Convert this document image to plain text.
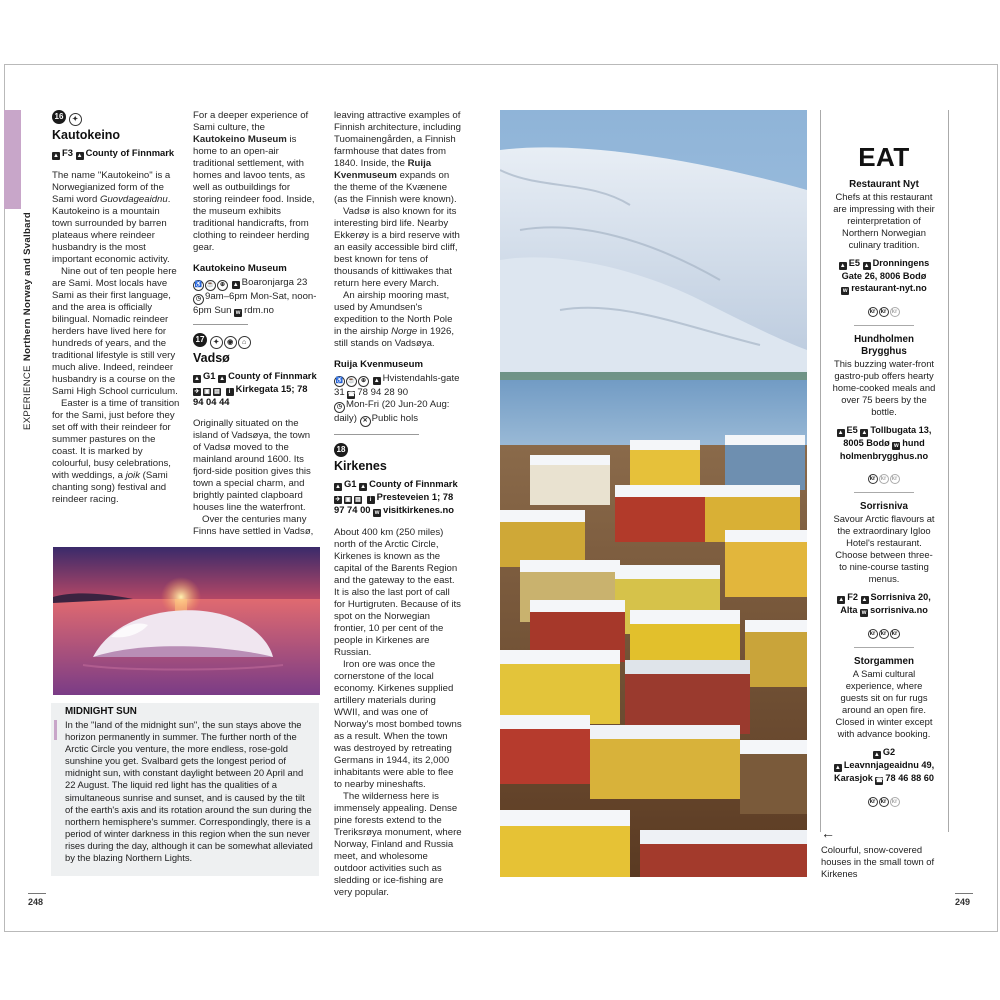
EXPERIENCENorthern Norway and Svalbard
16 ✦
Kautokeino
▲ F3 ▲ County of Finnmark

The name "Kautokeino" is a Norwegianized form of the Sami word Guovdageaidnu. Kautokeino is a mountain town surrounded by barren plateaus where reindeer husbandry is the most important economic activity.

Nine out of ten people here are Sami. Most locals have Sami as their first language, and the area is officially bilingual. Nomadic reindeer herders have lived here for hundreds of years, and the traditional lifestyle is still very much alive. Indeed, reindeer husbandry is a course on the Sami High School curriculum.

Easter is a time of transition for the Sami, just before they set off with their reindeer for summer pastures on the coast. It is marked by colourful, busy celebrations, with weddings, a joik (Sami chanting song) festival and reindeer racing.

For a deeper experience of Sami culture, the Kautokeino Museum is home to an open-air traditional settlement, with homes and lavoo tents, as well as outbuildings for storing reindeer food. Inside, the museum exhibits traditional handicrafts, from clothing to reindeer herding gear.

Kautokeino Museum
♿ ☕ ⊕ ▲ Boaronjarga 23
◷ 9am–6pm Mon-Sat, noon-6pm Sun w rdm.no
17 ✦ ◉ ⌂
Vadsø
▲ G1 ▲ County of Finnmark
✈ ▣ ▤ i Kirkegata 15; 78 94 04 44

Originally situated on the island of Vadsøya, the town of Vadsø moved to the mainland around 1600. Its fjord-side position gives this town a special charm, and brightly painted clapboard houses line the waterfront.

Over the centuries many Finns have settled in Vadsø,

leaving attractive examples of Finnish architecture, including Tuomainengården, a Finnish farmhouse that dates from 1840. Inside, the Ruija Kvenmuseum expands on the theme of the Kvænene (as the Finnish were known).

Vadsø is also known for its interesting bird life. Nearby Ekkerøy is a bird reserve with an easily accessible bird cliff, best known for tens of thousands of kittiwakes that return here every March.

An airship mooring mast, used by Amundsen's expedition to the North Pole in the airship Norge in 1926, still stands on Vadsøya.

Ruija Kvenmuseum
♿ ☕ ⊕ ▲ Hvistendahls-gate 31 ☎ 78 94 28 90
◷ Mon-Fri (20 Jun-20 Aug: daily) ✕ Public hols
18
Kirkenes
▲ G1 ▲ County of Finnmark
✈ ▣ ▤ i Presteveien 1; 78 97 74 00 w visitkirkenes.no

About 400 km (250 miles) north of the Arctic Circle, Kirkenes is known as the capital of the Barents Region and the gateway to the east. It is also the last port of call for Hurtigruten. Because of its spot on the Norwegian frontier, 10 per cent of the people in Kirkenes are Russian.

Iron ore was once the cornerstone of the local economy. Kirkenes supplied artillery materials during WWII, and was one of Norway's most bombed towns as a result. When the town was destroyed by retreating Germans in 1944, its 2,000 inhabitants were able to flee to nearby mineshafts.

The wilderness here is immensely appealing. Dense pine forests extend to the Treriksrøya monument, where Norway, Finland and Russia meet, and wholesome outdoor activities such as sledding or ice-fishing are very popular.

MIDNIGHT SUN
In the "land of the midnight sun", the sun stays above the horizon permanently in summer. The further north of the Arctic Circle you venture, the more endless, rose-gold sunshine you get. Svalbard gets the longest period of midnight sun, with constant daylight between 20 April and 22 August. The liquid red light has the qualities of a simultaneous sunrise and sunset, and is caused by the tilt of the earth's axis and its rotation around the sun during the northern hemisphere's summer. Correspondingly, there is a period of winter darkness in this region when the sun never rises during the day, although it can be somewhat alleviated by the blazing Northern Lights.
EAT
Restaurant Nyt
Chefs at this restaurant are impressing with their reinterpretation of Northern Norwegian culinary tradition.
▲ E5 ▲ Dronningens Gate 26, 8006 Bodø
w restaurant-nyt.no
kr kr kr
Hundholmen Brygghus
This buzzing water-front gastro-pub offers hearty home-cooked meals and over 75 beers by the bottle.
▲ E5 ▲ Tollbugata 13, 8005 Bodø w hund holmenbrygghus.no
kr kr kr
Sorrisniva
Savour Arctic flavours at the extraordinary Igloo Hotel's restaurant. Choose between three- to nine-course tasting menus.
▲ F2 ▲ Sorrisniva 20, Alta w sorrisniva.no
kr kr kr
Storgammen
A Sami cultural experience, where guests sit on fur rugs around an open fire. Closed in winter except with advance booking.
▲ G2
▲ Leavnnjageaidnu 49, Karasjok ☎ 78 46 88 60
kr kr kr
←
Colourful, snow-covered houses in the small town of Kirkenes
248	249
